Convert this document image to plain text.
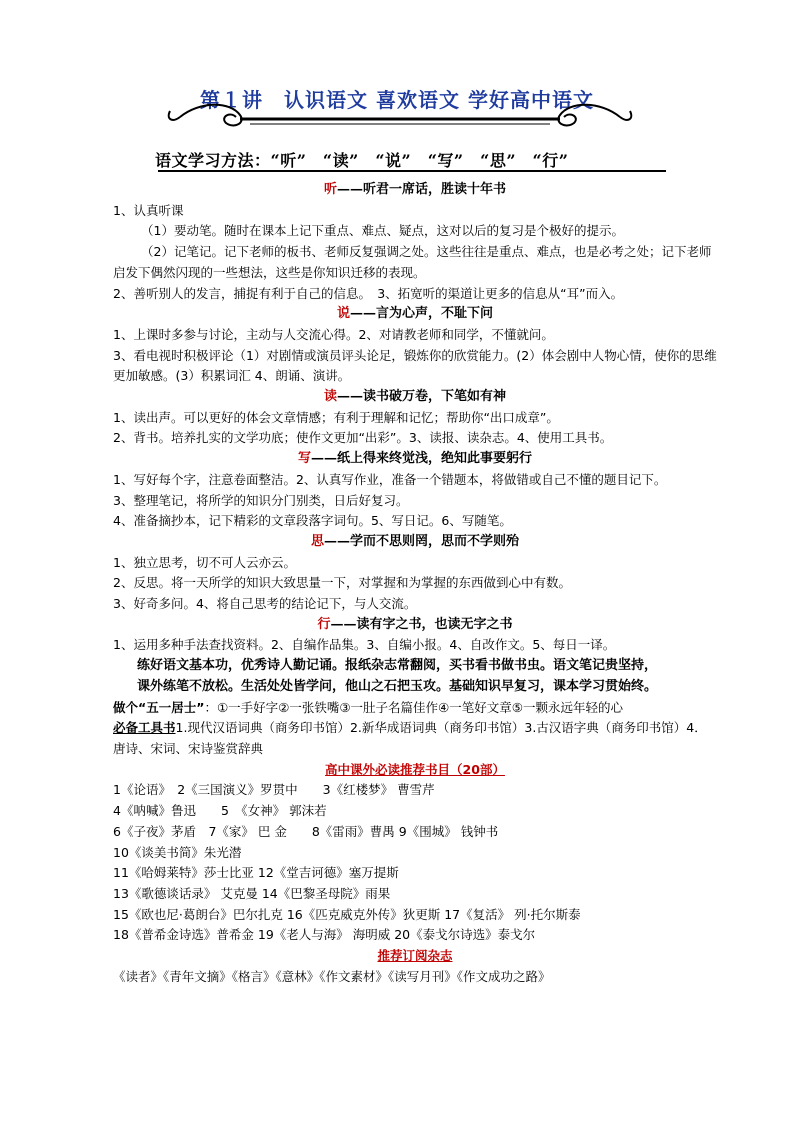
第１讲　认识语文 喜欢语文 学好高中语文
语文学习方法：“听”　“读”　“说”　“写”　“思”　“行”
听——听君一席话，胜读十年书
1、认真听课
（1）要动笔。随时在课本上记下重点、难点、疑点，这对以后的复习是个极好的提示。
（2）记笔记。记下老师的板书、老师反复强调之处。这些往往是重点、难点，也是必考之处；记下老师启发下偶然闪现的一些想法，这些是你知识迁移的表现。
2、善听别人的发言，捕捉有利于自己的信息。　3、拓宽听的渠道让更多的信息从“耳”而入。
说——言为心声，不耻下问
1、上课时多参与讨论，主动与人交流心得。2、对请教老师和同学，不懂就问。
3、看电视时积极评论（1）对剧情或演员评头论足，锻炼你的欣赏能力。(2）体会剧中人物心情，使你的思维更加敏感。(3）积累词汇 4、朗诵、演讲。
读——读书破万卷，下笔如有神
1、读出声。可以更好的体会文章情感；有利于理解和记忆；帮助你“出口成章”。
2、背书。培养扎实的文学功底；使作文更加“出彩”。3、读报、读杂志。4、使用工具书。
写——纸上得来终觉浅，绝知此事要躬行
1、写好每个字，注意卷面整洁。2、认真写作业，准备一个错题本，将做错或自己不懂的题目记下。
3、整理笔记，将所学的知识分门别类，日后好复习。
4、准备摘抄本，记下精彩的文章段落字词句。5、写日记。6、写随笔。
思——学而不思则罔，思而不学则殆
1、独立思考，切不可人云亦云。
2、反思。将一天所学的知识大致思量一下，对掌握和为掌握的东西做到心中有数。
3、好奇多问。4、将自己思考的结论记下，与人交流。
行——读有字之书，也读无字之书
1、运用多种手法查找资料。2、自编作品集。3、自编小报。4、自改作文。5、每日一译。
练好语文基本功，优秀诗人勤记诵。报纸杂志常翻阅，买书看书做书虫。语文笔记贵坚持，
课外练笔不放松。生活处处皆学问，他山之石把玉攻。基础知识早复习，课本学习贯始终。
做个“五一居士”：①一手好字②一张铁嘴③一肚子名篇佳作④一笔好文章⑤一颗永远年轻的心
必备工具书1.现代汉语词典（商务印书馆）2.新华成语词典（商务印书馆）3.古汉语字典（商务印书馆）4．唐诗、宋词、宋诗鉴赏辞典
高中课外必读推荐书目（20部）
1《论语》　2《三国演义》罗贯中　　3《红楼梦》 曹雪芹
4《呐喊》鲁迅　　5　《女神》 郭沫若
6《子夜》茅盾　7《家》 巴 金　　8《雷雨》曹禺 9《围城》 钱钟书
10《谈美书简》朱光潜
11《哈姆莱特》莎士比亚 12《堂吉诃德》塞万提斯
13《歌德谈话录》 艾克曼 14《巴黎圣母院》雨果
15《欧也尼·葛朗台》巴尔扎克 16《匹克威克外传》狄更斯 17《复活》 列·托尔斯泰
18《普希金诗选》普希金 19《老人与海》 海明威 20《泰戈尔诗选》泰戈尔
推荐订阅杂志
《读者》《青年文摘》《格言》《意林》《作文素材》《读写月刊》《作文成功之路》
